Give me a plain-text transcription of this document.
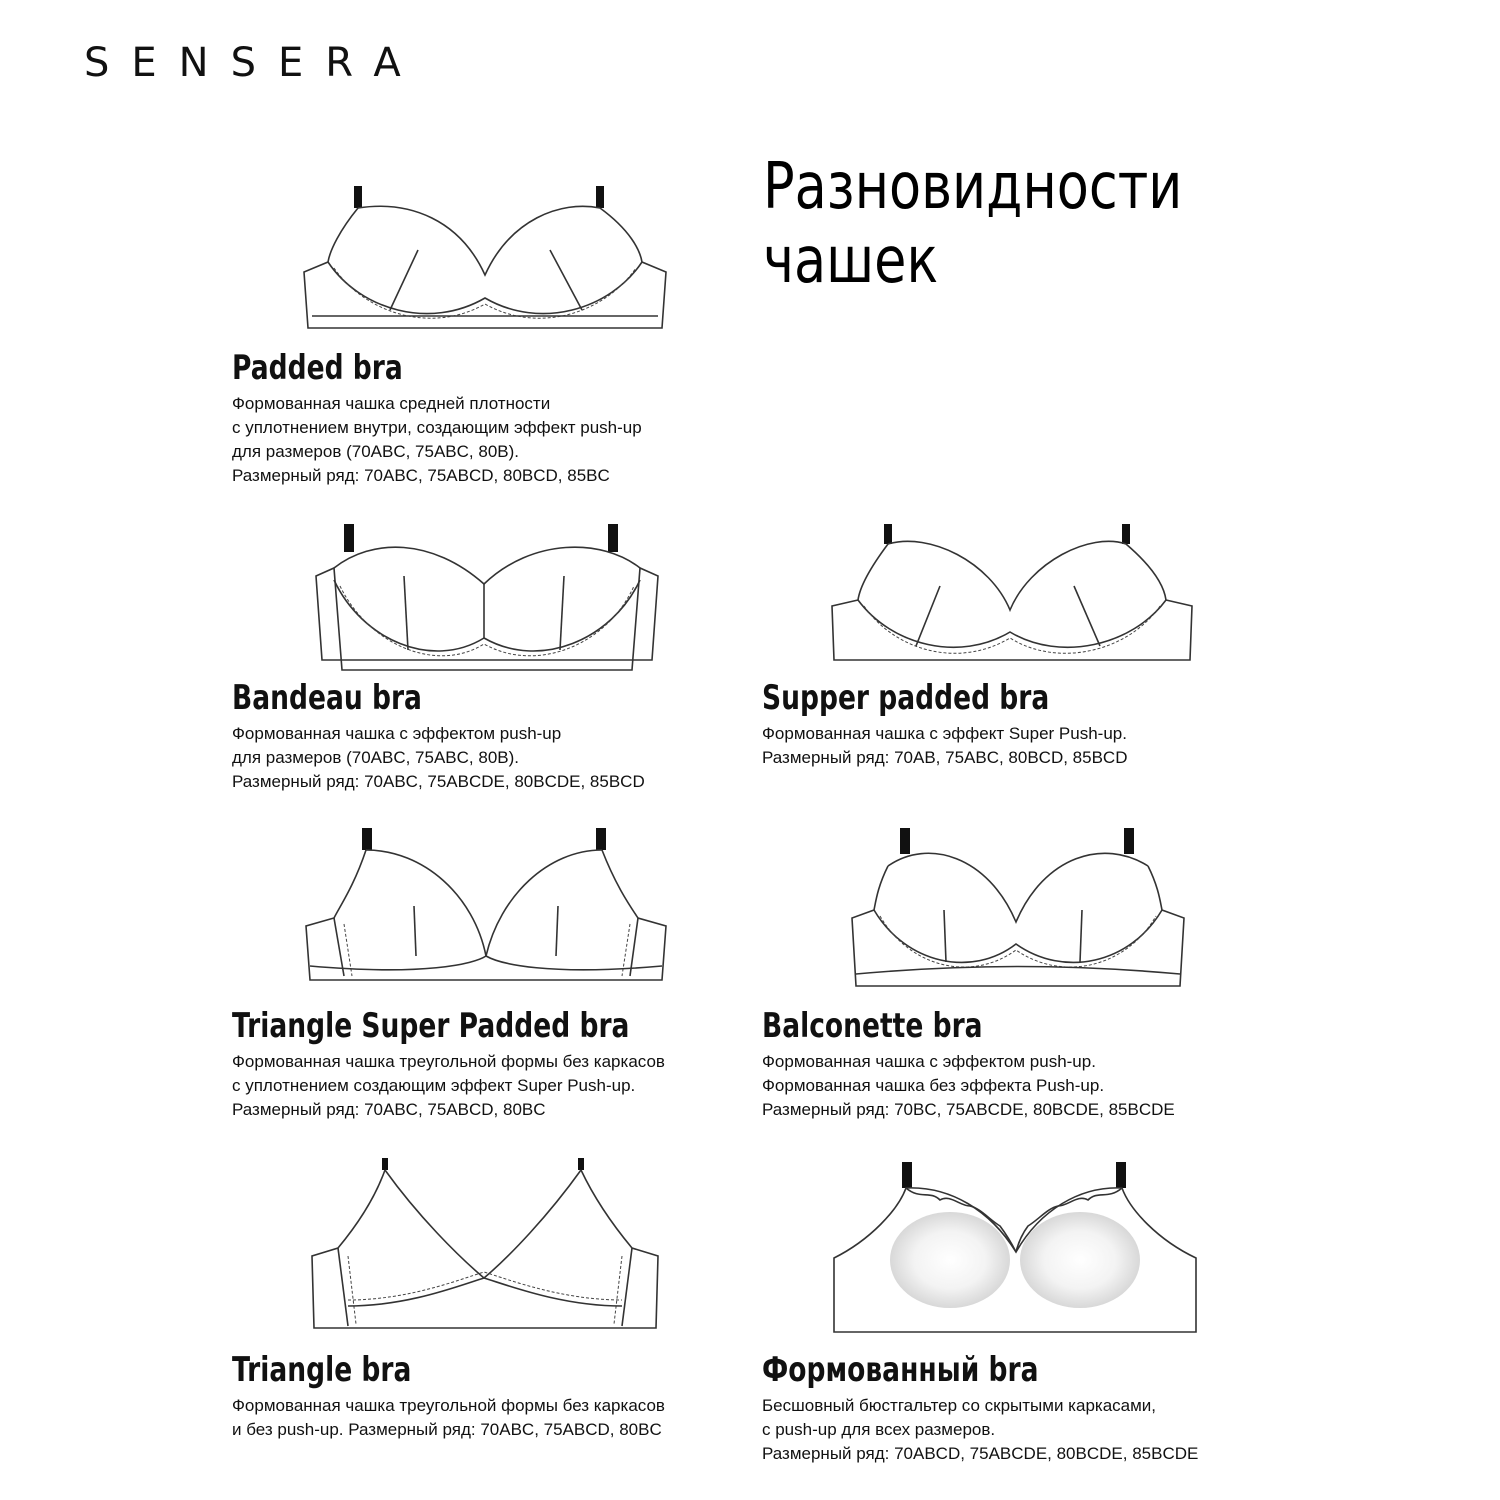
SENSERA
Разновидности
чашек
Padded bra

Формованная чашка средней плотности

с уплотнением внутри, создающим эффект push-up

для размеров (70ABC, 75ABC, 80B).

Размерный ряд: 70ABC, 75ABCD, 80BCD, 85BC

Bandeau bra

Формованная чашка с эффектом push-up

для размеров (70ABC, 75ABC, 80B).

Размерный ряд: 70ABC, 75ABCDE, 80BCDE, 85BCD

Supper padded bra

Формованная чашка с эффект Super Push-up.

Размерный ряд: 70AB, 75ABC, 80BCD, 85BCD

Triangle Super Padded bra

Формованная чашка треугольной формы без каркасов

с уплотнением создающим эффект Super Push-up.

Размерный ряд: 70ABC, 75ABCD, 80BC

Balconette bra

Формованная чашка с эффектом push-up.

Формованная чашка без эффекта Push-up.

Размерный ряд: 70BC, 75ABCDE, 80BCDE, 85BCDE

Triangle bra

Формованная чашка треугольной формы без каркасов

и без push-up. Размерный ряд: 70ABC, 75ABCD, 80BC

Формованный bra

Бесшовный бюстгальтер со скрытыми каркасами,

с push-up для всех размеров.

Размерный ряд: 70ABCD, 75ABCDE, 80BCDE, 85BCDE
